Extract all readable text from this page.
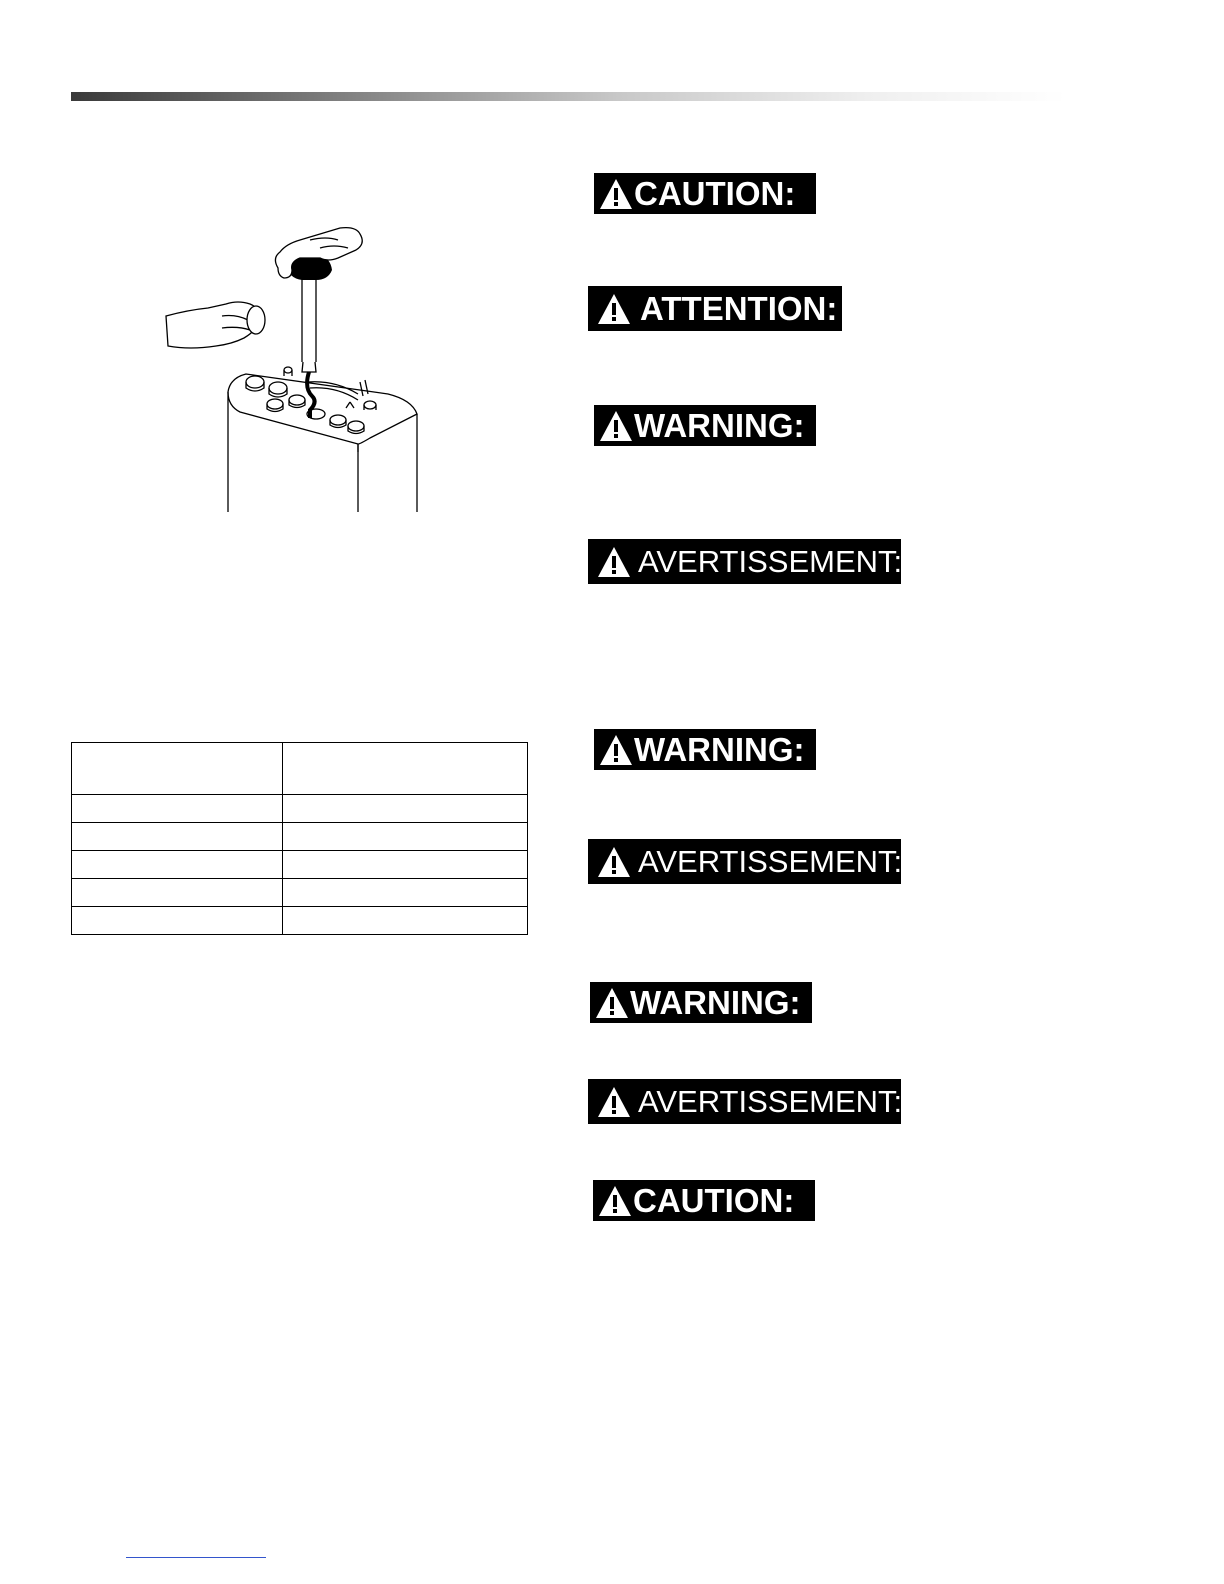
CAUTION:
ATTENTION:
WARNING:
AVERTISSEMENT:
WARNING:
AVERTISSEMENT:
WARNING:
AVERTISSEMENT:
CAUTION:
